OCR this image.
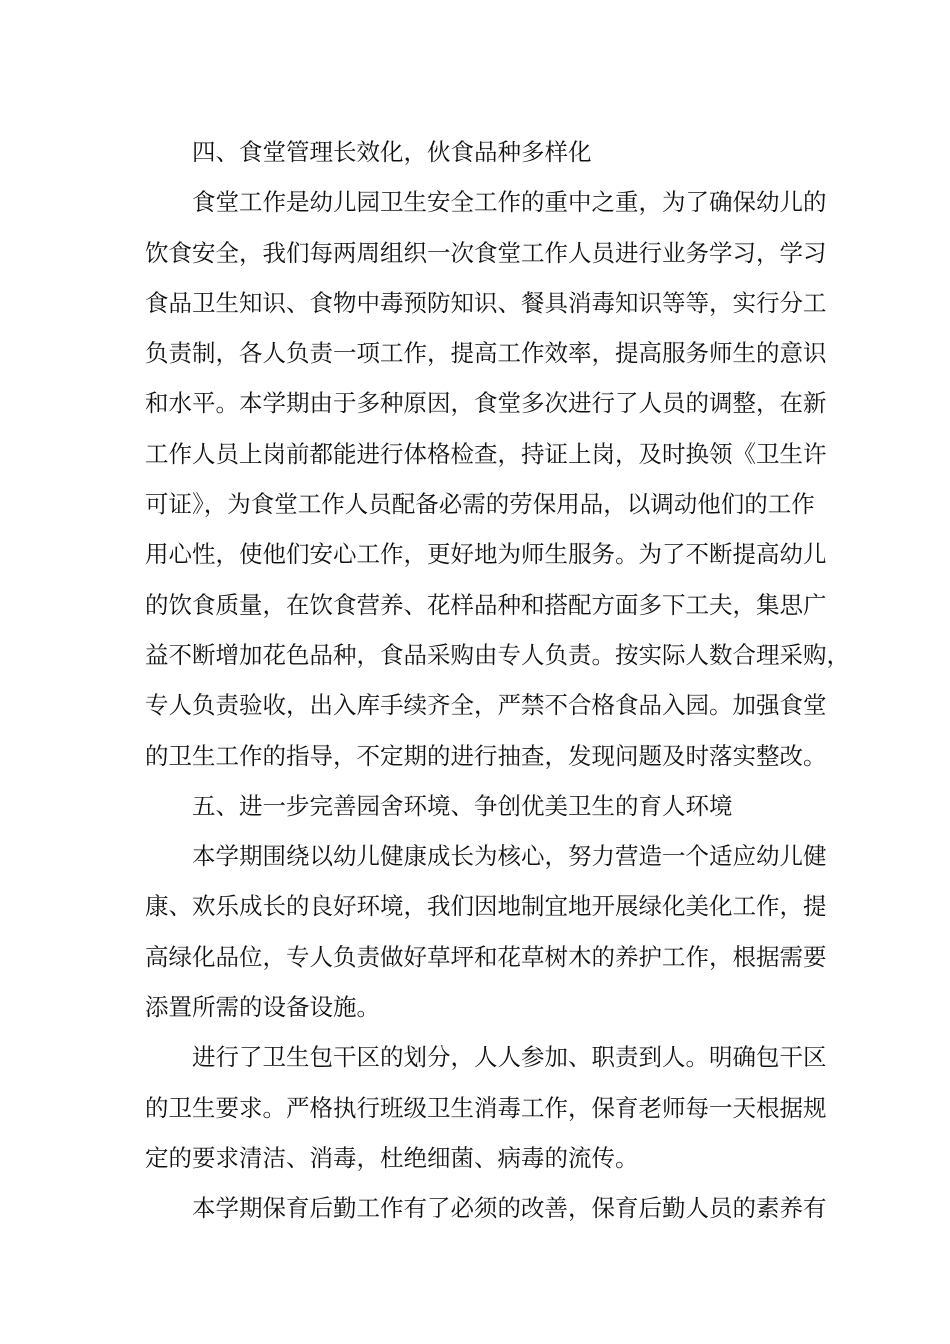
四、食堂管理长效化，伙食品种多样化
食堂工作是幼儿园卫生安全工作的重中之重，为了确保幼儿的
饮食安全，我们每两周组织一次食堂工作人员进行业务学习，学习
食品卫生知识、食物中毒预防知识、餐具消毒知识等等，实行分工
负责制，各人负责一项工作，提高工作效率，提高服务师生的意识
和水平。本学期由于多种原因，食堂多次进行了人员的调整，在新
工作人员上岗前都能进行体格检查，持证上岗，及时换领《卫生许
可证》，为食堂工作人员配备必需的劳保用品，以调动他们的工作
用心性，使他们安心工作，更好地为师生服务。为了不断提高幼儿
的饮食质量，在饮食营养、花样品种和搭配方面多下工夫，集思广
益不断增加花色品种，食品采购由专人负责。按实际人数合理采购，
专人负责验收，出入库手续齐全，严禁不合格食品入园。加强食堂
的卫生工作的指导，不定期的进行抽查，发现问题及时落实整改。
五、进一步完善园舍环境、争创优美卫生的育人环境
本学期围绕以幼儿健康成长为核心，努力营造一个适应幼儿健
康、欢乐成长的良好环境，我们因地制宜地开展绿化美化工作，提
高绿化品位，专人负责做好草坪和花草树木的养护工作，根据需要
添置所需的设备设施。
进行了卫生包干区的划分，人人参加、职责到人。明确包干区
的卫生要求。严格执行班级卫生消毒工作，保育老师每一天根据规
定的要求清洁、消毒，杜绝细菌、病毒的流传。
本学期保育后勤工作有了必须的改善，保育后勤人员的素养有
